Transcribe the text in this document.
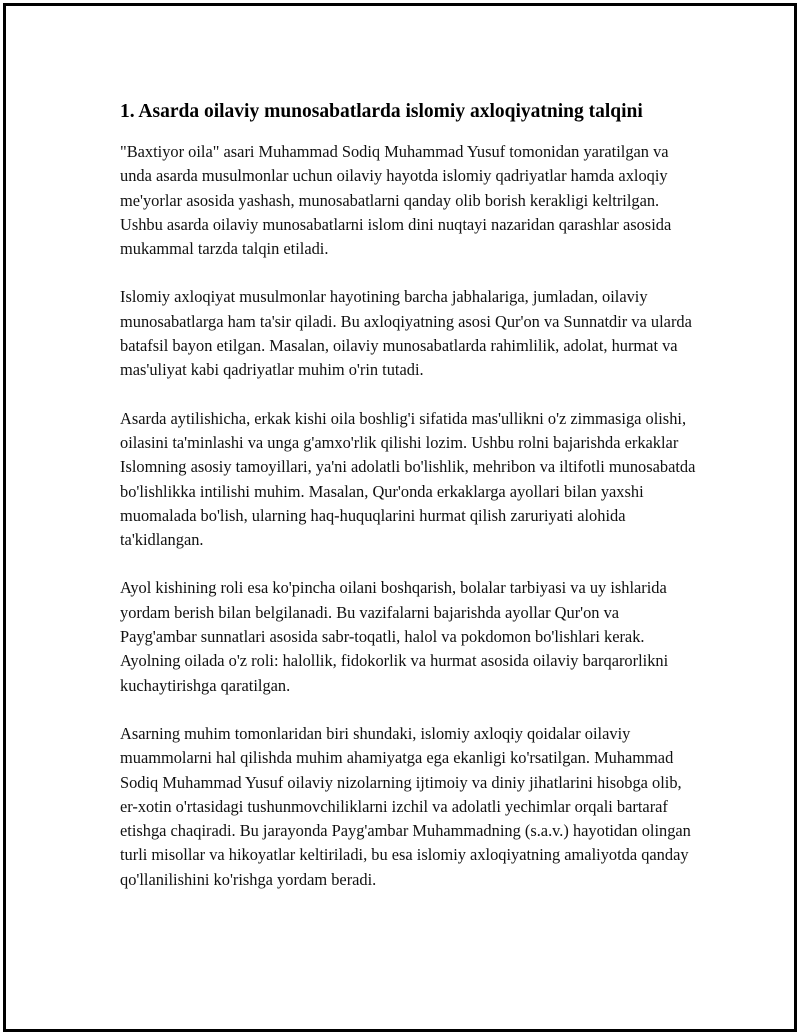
1. Asarda oilaviy munosabatlarda islomiy axloqiyatning talqini

"Baxtiyor oila" asari Muhammad Sodiq Muhammad Yusuf tomonidan yaratilgan va unda asarda musulmonlar uchun oilaviy hayotda islomiy qadriyatlar hamda axloqiy me'yorlar asosida yashash, munosabatlarni qanday olib borish kerakligi keltrilgan. Ushbu asarda oilaviy munosabatlarni islom dini nuqtayi nazaridan qarashlar asosida mukammal tarzda talqin etiladi.

Islomiy axloqiyat musulmonlar hayotining barcha jabhalariga, jumladan, oilaviy munosabatlarga ham ta'sir qiladi. Bu axloqiyatning asosi Qur'on va Sunnatdir va ularda batafsil bayon etilgan. Masalan, oilaviy munosabatlarda rahimlilik, adolat, hurmat va mas'uliyat kabi qadriyatlar muhim o'rin tutadi.

Asarda aytilishicha, erkak kishi oila boshlig'i sifatida mas'ullikni o'z zimmasiga olishi, oilasini ta'minlashi va unga g'amxo'rlik qilishi lozim. Ushbu rolni bajarishda erkaklar Islomning asosiy tamoyillari, ya'ni adolatli bo'lishlik, mehribon va iltifotli munosabatda bo'lishlikka intilishi muhim. Masalan, Qur'onda erkaklarga ayollari bilan yaxshi muomalada bo'lish, ularning haq-huquqlarini hurmat qilish zaruriyati alohida ta'kidlangan.

Ayol kishining roli esa ko'pincha oilani boshqarish, bolalar tarbiyasi va uy ishlarida yordam berish bilan belgilanadi. Bu vazifalarni bajarishda ayollar Qur'on va Payg'ambar sunnatlari asosida sabr-toqatli, halol va pokdomon bo'lishlari kerak. Ayolning oilada o'z roli: halollik, fidokorlik va hurmat asosida oilaviy barqarorlikni kuchaytirishga qaratilgan.

Asarning muhim tomonlaridan biri shundaki, islomiy axloqiy qoidalar oilaviy muammolarni hal qilishda muhim ahamiyatga ega ekanligi ko'rsatilgan. Muhammad Sodiq Muhammad Yusuf oilaviy nizolarning ijtimoiy va diniy jihatlarini hisobga olib, er-xotin o'rtasidagi tushunmovchiliklarni izchil va adolatli yechimlar orqali bartaraf etishga chaqiradi. Bu jarayonda Payg'ambar Muhammadning (s.a.v.) hayotidan olingan turli misollar va hikoyatlar keltiriladi, bu esa islomiy axloqiyatning amaliyotda qanday qo'llanilishini ko'rishga yordam beradi.
